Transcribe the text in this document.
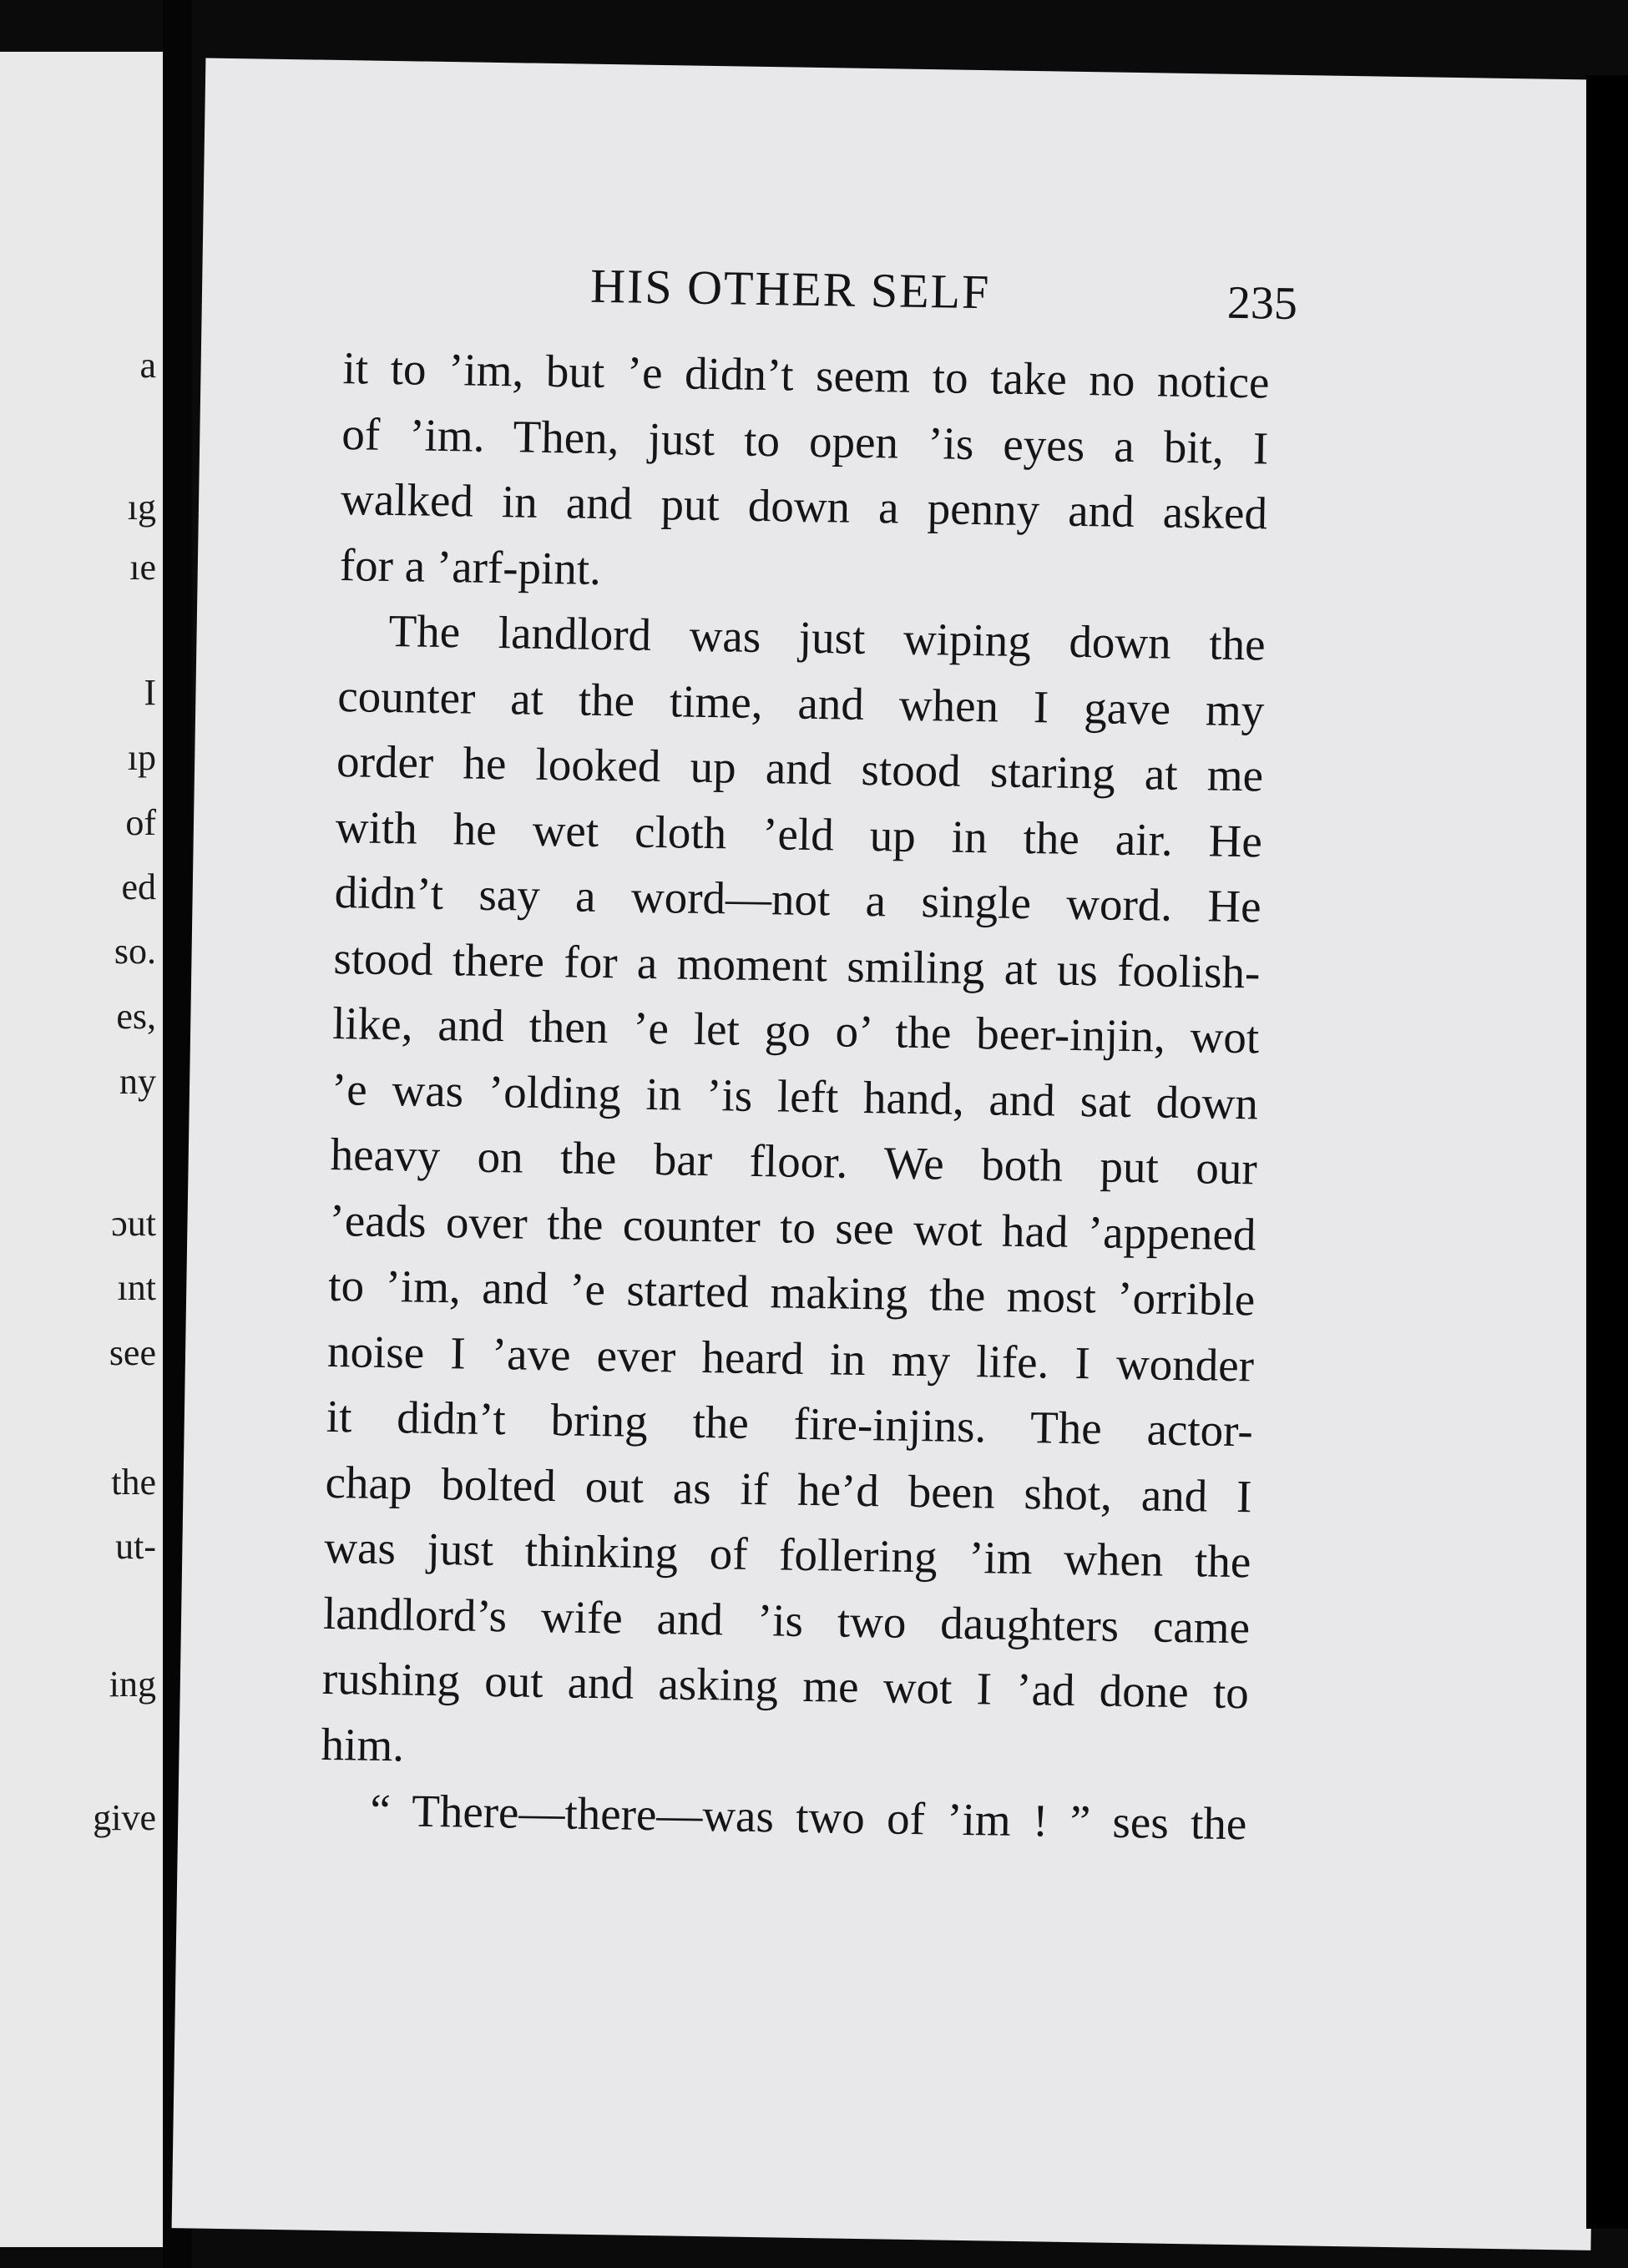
a
ıg
ıe
I
ıp
of
ed
so.
es,
ny
ɔut
ınt
see
the
ut-
ing
give
HIS OTHER SELF	235
it to ’im, but ’e didn’t seem to take no notice
of ’im. Then, just to open ’is eyes a bit, I
walked in and put down a penny and asked
for a ’arf-pint.
The landlord was just wiping down the
counter at the time, and when I gave my
order he looked up and stood staring at me
with he wet cloth ’eld up in the air. He
didn’t say a word—not a single word. He
stood there for a moment smiling at us foolish-
like, and then ’e let go o’ the beer-injin, wot
’e was ’olding in ’is left hand, and sat down
heavy on the bar floor. We both put our
’eads over the counter to see wot had ’appened
to ’im, and ’e started making the most ’orrible
noise I ’ave ever heard in my life. I wonder
it didn’t bring the fire-injins. The actor-
chap bolted out as if he’d been shot, and I
was just thinking of follering ’im when the
landlord’s wife and ’is two daughters came
rushing out and asking me wot I ’ad done to
him.
“ There—there—was two of ’im ! ” ses the
